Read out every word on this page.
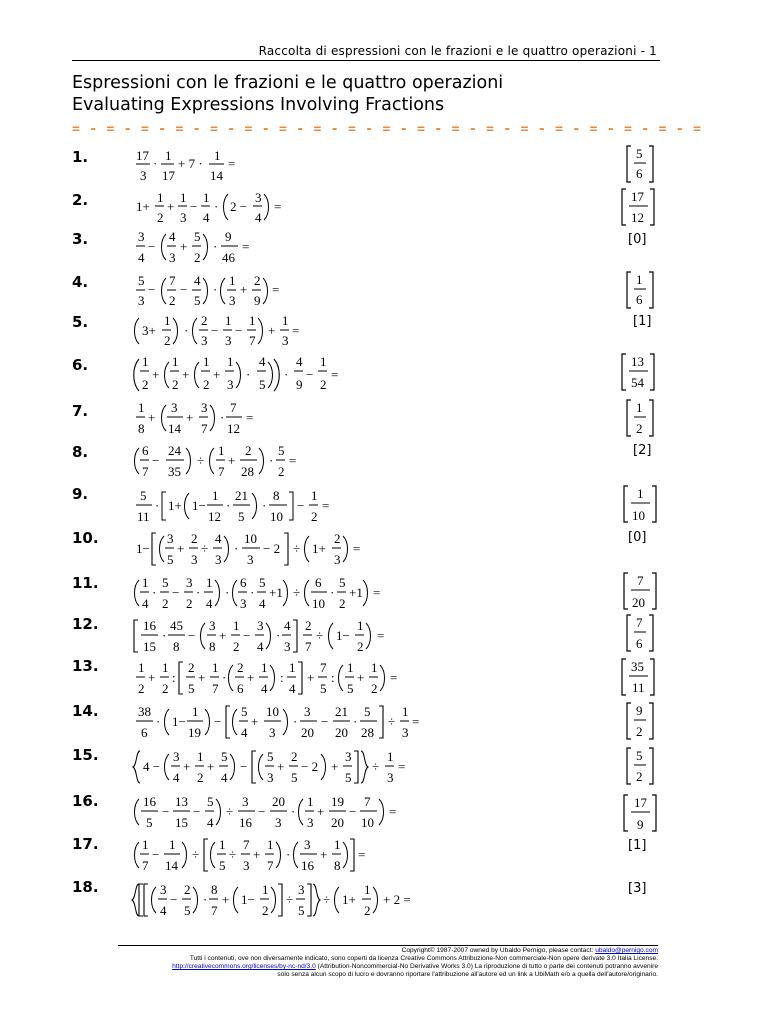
Raccolta di espressioni con le frazioni e le quattro operazioni - 1
Espressioni con le frazioni e le quattro operazioni
Evaluating Expressions Involving Fractions
= - = - = - = - = - = - = - = - = - = - = - = - = - = - = - = - = - = - =
1.
2.
3.
4.
5.
6.
7.
8.
9.
10.
11.
12.
13.
14.
15.
16.
17.
18.
[0]
[1]
[2]
[0]
[1]
[3]
17
3
·
1
17
+ 7 ·
1
14
=
5
6
1+
1
2
+
1
3
−
1
4
· 2 −
3
4
=
17
12
3
4
−
4
3
+
5
2
·
9
46
=
5
3
−
7
2
−
4
5
·
1
3
+
2
9
=
1
6
3+
1
2
·
2
3
−
1
3
−
1
7
+
1
3
=
1
2
+
1
2
+
1
2
+
1
3
·
4
5
·
4
9
−
1
2
=
13
54
1
8
+
3
14
+
3
7
·
7
12
=
1
2
6
7
−
24
35
÷
1
7
+
2
28
·
5
2
=
5
11
· 1+ 1−
1
12
·
21
5
·
8
10
−
1
2
=
1
10
1−
3
5
+
2
3
÷
4
3
·
10
3
− 2 ÷ 1+
2
3
=
1
4
·
5
2
−
3
2
·
1
4
·
6
3
·
5
4
+1 ÷
6
10
·
5
2
+1 =
7
20
16
15
·
45
8
−
3
8
+
1
2
−
3
4
·
4
3
2
7
÷ 1−
1
2
=
7
6
1
2
+
1
2
:
2
5
+
1
7
·
2
6
+
1
4
:
1
4
+
7
5
:
1
5
+
1
2
=
35
11
38
6
· 1−
1
19
−
5
4
+
10
3
·
3
20
−
21
20
·
5
28
÷
1
3
=
9
2
4 −
3
4
+
1
2
+
5
4
−
5
3
+
2
5
− 2 +
3
5
÷
1
3
=
5
2
16
5
−
13
15
−
5
4
÷
3
16
−
20
3
·
1
3
+
19
20
−
7
10
=
17
9
1
7
−
1
14
÷
1
5
÷
7
3
+
1
7
·
3
16
+
1
8
=
3
4
−
2
5
·
8
7
+ 1−
1
2
÷
3
5
÷ 1+
1
2
+ 2 =
Copyright© 1987-2007 owned by Ubaldo Pernigo, please contact: ubaldo@pernigo.com
Tutti i contenuti, ove non diversamente indicato, sono coperti da licenza Creative Commons Attribuzione-Non commerciale-Non opere derivate 3.0 Italia License.
http://creativecommons.org/licenses/by-nc-nd/3.0 (Attribution-Noncommercial-No Derivative Works 3.0) La riproduzione di tutto o parte dei contenuti potranno avvenire
solo senza alcun scopo di lucro e dovranno riportare l'attribuzione all'autore ed un link a UbiMath e/o a quella dell'autore/originario.
